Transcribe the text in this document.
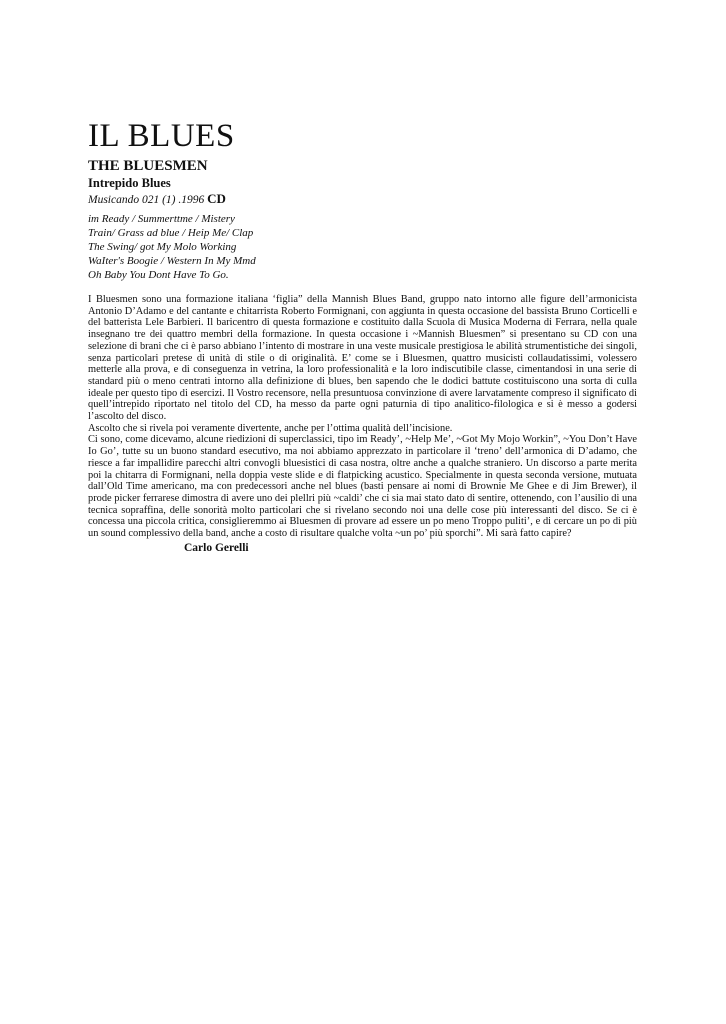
IL BLUES
THE BLUESMEN
Intrepido Blues
Musicando 021 (1) .1996 CD
im Ready / Summerttme / Mistery
Train/ Grass ad blue / Heip Me/ Clap
The Swing/ got My Molo Working
WaIter's Boogie / Western In My Mmd
Oh Baby You Dont Have To Go.

I Bluesmen sono una formazione italiana ‘figlia” della Mannish Blues Band, gruppo nato intorno alle figure dell’armonicista Antonio D’Adamo e del cantante e chitarrista Roberto Formignani, con aggiunta in questa occasione del bassista Bruno Corticelli e del batterista Lele Barbieri. Il baricentro di questa formazione e costituito dalla Scuola di Musica Moderna di Ferrara, nella quale insegnano tre dei quattro membri della formazione. In questa occasione i ~Mannish Bluesmen” si presentano su CD con una selezione di brani che ci è parso abbiano l’intento di mostrare in una veste musicale prestigiosa le abilità strumentistiche dei singoli, senza particolari pretese di unità di stile o di originalità. E’ come se i Bluesmen, quattro musicisti collaudatissimi, volessero metterle alla prova, e di conseguenza in vetrina, la loro professionalità e la loro indiscutibile classe, cimentandosi in una serie di standard più o meno centrati intorno alla definizione di blues, ben sapendo che le dodici battute costituiscono una sorta di culla ideale per questo tipo di esercizi. Il Vostro recensore, nella presuntuosa convinzione di avere larvatamente compreso il significato di quell’intrepido riportato nel titolo del CD, ha messo da parte ogni paturnia di tipo analitico-filologica e si è messo a godersi l’ascolto del disco.

Ascolto che si rivela poi veramente divertente, anche per l’ottima qualità dell’incisione.

Ci sono, come dicevamo, alcune riedizioni di superclassici, tipo im Ready’, ~Help Me’, ~Got My Mojo Workin”, ~You Don’t Have Io Go’, tutte su un buono standard esecutivo, ma noi abbiamo apprezzato in particolare il ‘treno’ dell’armonica di D’adamo, che riesce a far impallidire parecchi altri convogli bluesistici di casa nostra, oltre anche a qualche straniero. Un discorso a parte merita poi la chitarra di Formignani, nella doppia veste slide e di flatpicking acustico. Specialmente in questa seconda versione, mutuata dall’Old Time americano, ma con predecessori anche nel blues (basti pensare ai nomi di Brownie Me Ghee e di Jim Brewer), il prode picker ferrarese dimostra di avere uno dei plellri più ~caldi’ che ci sia mai stato dato di sentire, ottenendo, con l’ausilio di una tecnica sopraffina, delle sonorità molto particolari che si rivelano secondo noi una delle cose più interessanti del disco. Se ci è concessa una piccola critica, consiglieremmo ai Bluesmen di provare ad essere un po meno Troppo puliti’, e di cercare un po di più un sound complessivo della band, anche a costo di risultare qualche volta ~un po’ più sporchi”. Mi sarà fatto capire?

Carlo Gerelli
